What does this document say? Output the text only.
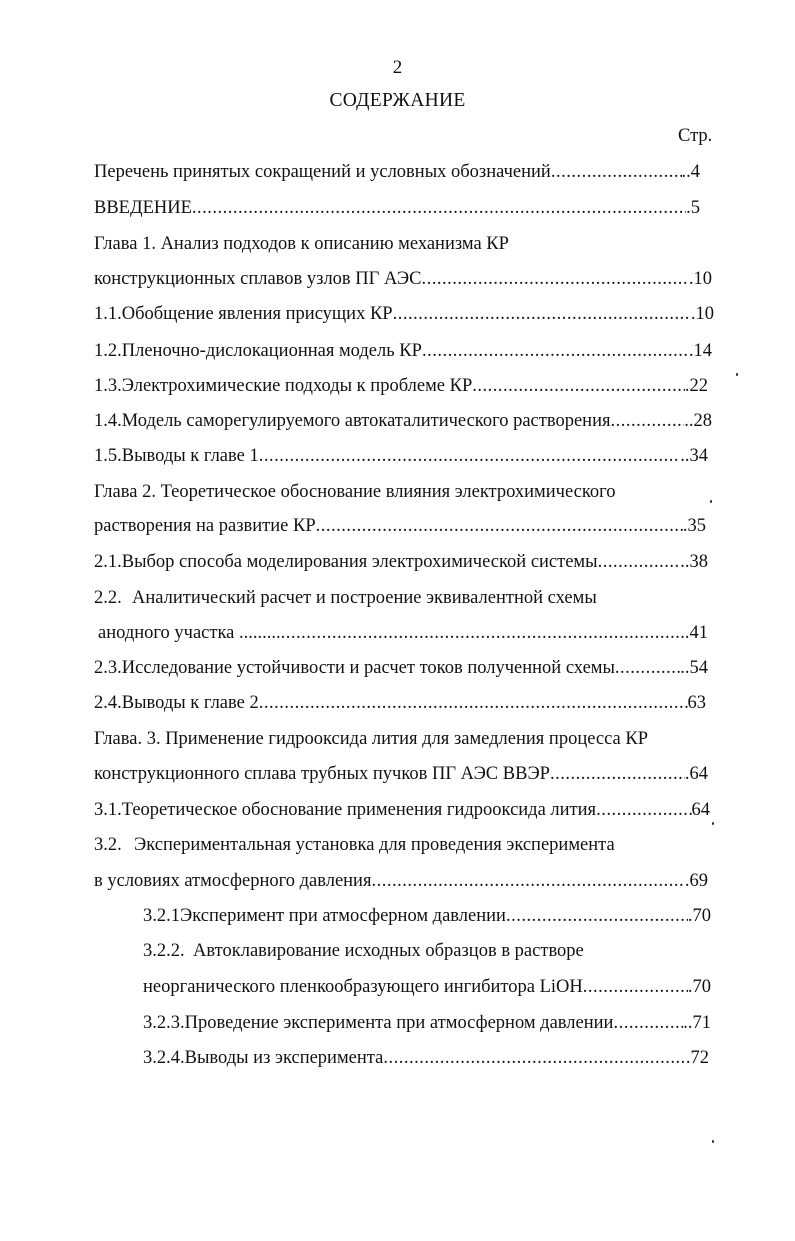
2
СОДЕРЖАНИЕ
Стр.
Перечень принятых сокращений и условных обозначений .....	..4
ВВЕДЕНИЕ .....	.5
Глава 1. Анализ подходов к описанию механизма КР
конструкционных сплавов узлов ПГ АЭС .....	.10
1.1. Обобщение явления присущих КР .....	.10
1.2. Пленочно-дислокационная модель КР .....	.14
1.3. Электрохимические подходы к проблеме КР .....	.22
1.4. Модель саморегулируемого автокаталитического растворения .....	..28
1.5. Выводы к главе 1 .....	..34
Глава 2. Теоретическое обоснование влияния электрохимического
растворения на развитие КР .....	.35
2.1. Выбор способа моделирования электрохимической системы .....	..38
2.2. Аналитический расчет и построение эквивалентной схемы
анодного участка ......... .....	..41
2.3. Исследование устойчивости и расчет токов полученной схемы .....	..54
2.4. Выводы к главе 2 .....	63
Глава. 3. Применение гидрооксида лития для замедления процесса КР
конструкционного сплава трубных пучков ПГ АЭС ВВЭР .....	.64
3.1. Теоретическое обоснование применения гидрооксида лития .....	64
3.2. Экспериментальная установка для проведения эксперимента
в условиях атмосферного давления .....	.69
3.2.1 Эксперимент при атмосферном давлении .....	.70
3.2.2. Автоклавирование исходных образцов в растворе
неорганического пленкообразующего ингибитора LiOH .....	.70
3.2.3. Проведение эксперимента при атмосферном давлении .....	..71
3.2.4. Выводы из эксперимента .....	.72
